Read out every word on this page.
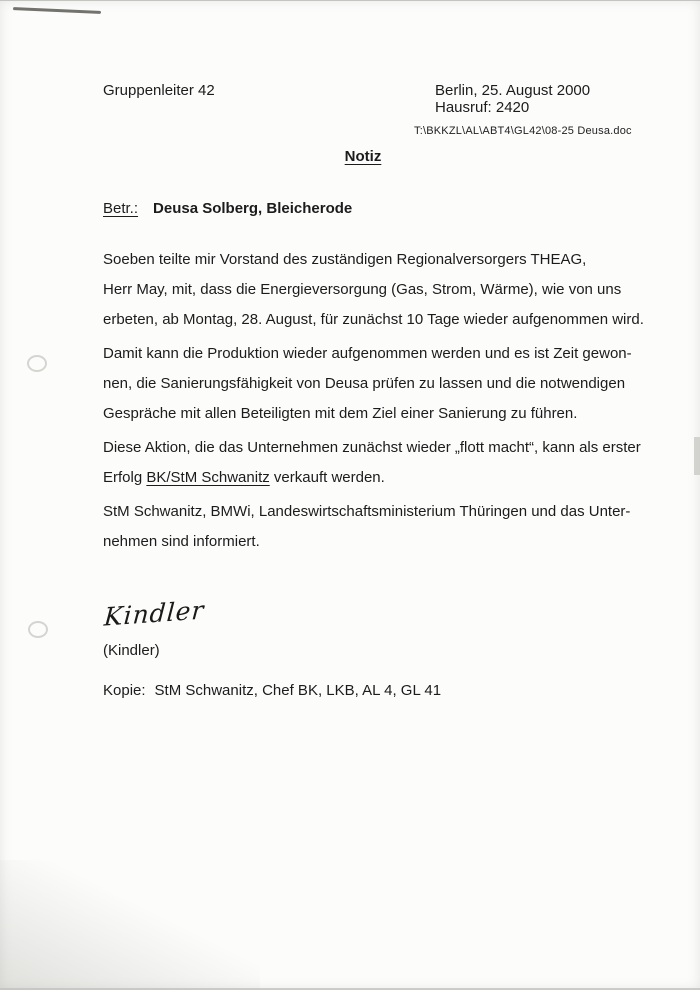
Gruppenleiter 42	Berlin, 25. August 2000
Hausruf: 2420
T:\BKKZL\AL\ABT4\GL42\08-25 Deusa.doc
Notiz
Betr.: Deusa Solberg, Bleicherode
Soeben teilte mir Vorstand des zuständigen Regionalversorgers THEAG,
Herr May, mit, dass die Energieversorgung (Gas, Strom, Wärme), wie von uns
erbeten, ab Montag, 28. August, für zunächst 10 Tage wieder aufgenommen wird.
Damit kann die Produktion wieder aufgenommen werden und es ist Zeit gewon-
nen, die Sanierungsfähigkeit von Deusa prüfen zu lassen und die notwendigen
Gespräche mit allen Beteiligten mit dem Ziel einer Sanierung zu führen.
Diese Aktion, die das Unternehmen zunächst wieder „flott macht“, kann als erster
Erfolg BK/StM Schwanitz verkauft werden.
StM Schwanitz, BMWi, Landeswirtschaftsministerium Thüringen und das Unter-
nehmen sind informiert.
Kindler
(Kindler)
Kopie: StM Schwanitz, Chef BK, LKB, AL 4, GL 41
